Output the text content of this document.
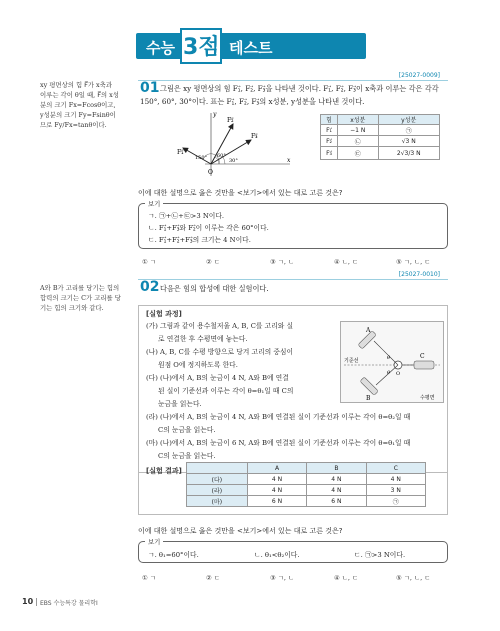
수능 3점 테스트
xy 평면상의 힘 F⃗가 x축과
이루는 각이 θ일 때, F⃗의 x성
분의 크기 Fx=Fcosθ이고,
y성분의 크기 Fy=Fsinθ이
므로 Fy/Fx=tanθ이다.
A와 B가 고리를 당기는 힘의
합력의 크기는 C가 고리를 당
기는 힘의 크기와 같다.
[25027-0009]
01 그림은 xy 평면상의 힘 F₁⃗, F₂⃗, F₃⃗을 나타낸 것이다. F₁⃗, F₂⃗, F₃⃗이 x축과 이루는 각은 각각
150°, 60°, 30°이다. 표는 F₁⃗, F₂⃗, F₃⃗의 x성분, y성분을 나타낸 것이다.
x
y
O
F₁⃗
F₂⃗
F₃⃗
150° 60°
30°
힘	x성분	y성분
F₁⃗	−1 N	㉠
F₂⃗	㉡	√3 N
F₃⃗	㉢	2√3/3 N
이에 대한 설명으로 옳은 것만을 <보기>에서 있는 대로 고른 것은?
보기
ㄱ. ㉠+㉡+㉢>3 N이다.
ㄴ. F₁⃗+F₃⃗와 F₂⃗이 이루는 각은 60°이다.
ㄷ. F₁⃗+F₂⃗+F₃⃗의 크기는 4 N이다.
① ㄱ	② ㄷ	③ ㄱ, ㄴ	④ ㄴ, ㄷ	⑤ ㄱ, ㄴ, ㄷ
[25027-0010]
02 다음은 힘의 합성에 대한 실험이다.
[실험 과정]
(가) 그림과 같이 용수철저울 A, B, C를 고리와 실
로 연결한 후 수평면에 놓는다.
(나) A, B, C를 수평 방향으로 당겨 고리의 중심이
원점 O에 정지하도록 한다.
(다) (나)에서 A, B의 눈금이 4 N, A와 B에 연결
된 실이 기준선과 이루는 각이 θ=θ₁일 때 C의
눈금을 읽는다.
(라) (나)에서 A, B의 눈금이 4 N, A와 B에 연결된 실이 기준선과 이루는 각이 θ=θ₂일 때
C의 눈금을 읽는다.
(마) (나)에서 A, B의 눈금이 6 N, A와 B에 연결된 실이 기준선과 이루는 각이 θ=θ₁일 때
C의 눈금을 읽는다.
A
B
C
O
θ
θ
기준선
수평면
[실험 결과]
		A	B	C
(다)	4 N	4 N	4 N
(라)	4 N	4 N	3 N
(마)	6 N	6 N	㉠
이에 대한 설명으로 옳은 것만을 <보기>에서 있는 대로 고른 것은?
보기
ㄱ. θ₁=60°이다.	ㄴ. θ₁<θ₂이다.	ㄷ. ㉠>3 N이다.
① ㄱ	② ㄷ	③ ㄱ, ㄴ	④ ㄴ, ㄷ	⑤ ㄱ, ㄴ, ㄷ
10 EBS 수능특강 물리학Ⅰ
